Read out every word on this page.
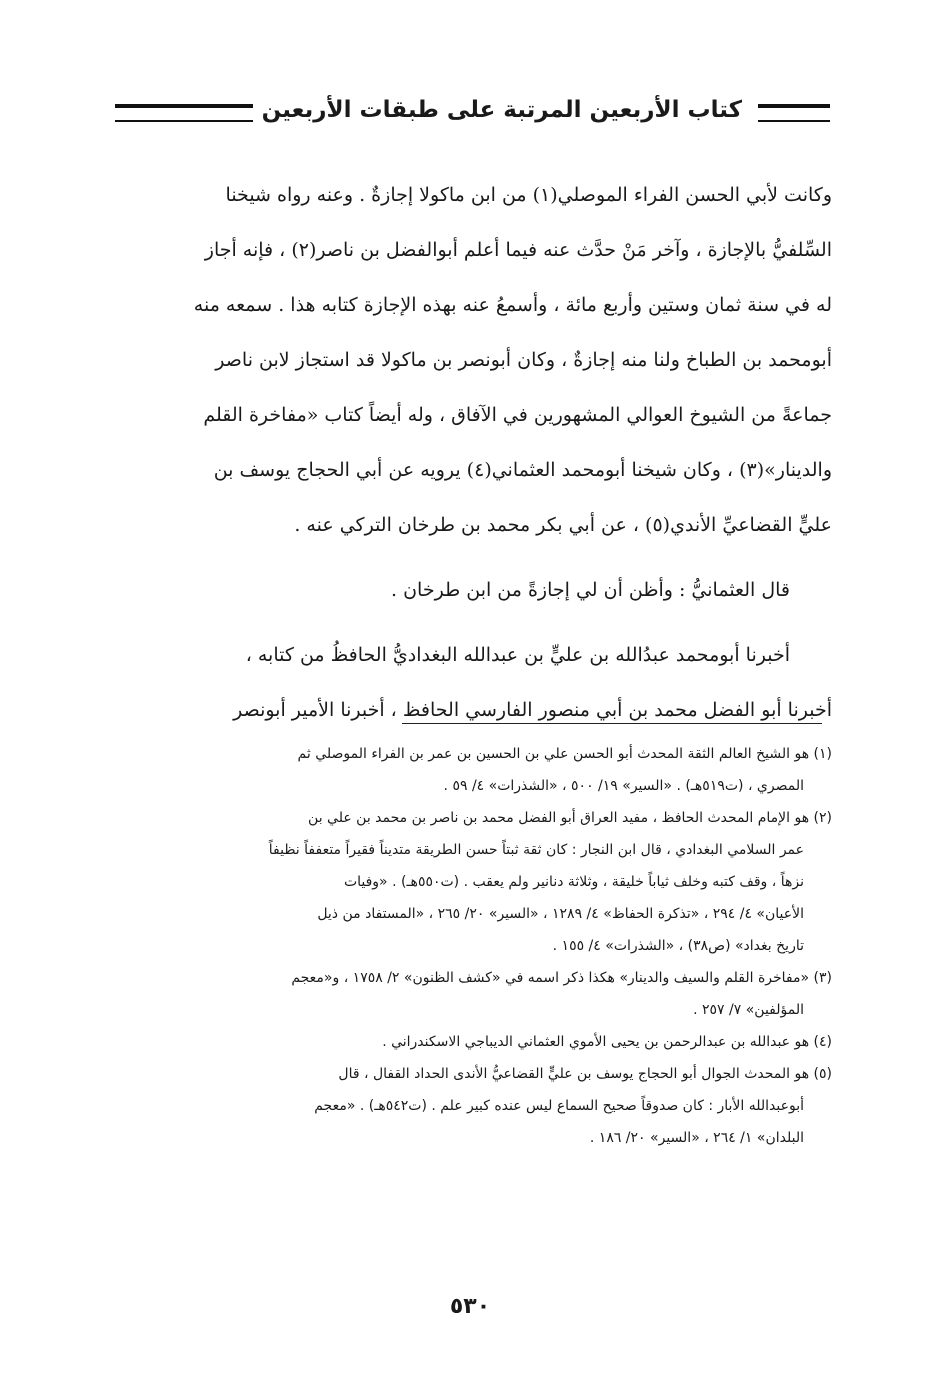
كتاب الأربعين المرتبة على طبقات الأربعين
وكانت لأبي الحسن الفراء الموصلي(١) من ابن ماكولا إجازةٌ . وعنه رواه شيخنا
السِّلفيُّ بالإجازة ، وآخر مَنْ حدَّث عنه فيما أعلم أبوالفضل بن ناصر(٢) ، فإنه أجاز
له في سنة ثمان وستين وأربع مائة ، وأسمعُ عنه بهذه الإجازة كتابه هذا . سمعه منه
أبومحمد بن الطباخ ولنا منه إجازةٌ ، وكان أبونصر بن ماكولا قد استجاز لابن ناصر
جماعةً من الشيوخ العوالي المشهورين في الآفاق ، وله أيضاً كتاب «مفاخرة القلم
والدينار»(٣) ، وكان شيخنا أبومحمد العثماني(٤) يرويه عن أبي الحجاج يوسف بن
عليٍّ القضاعيِّ الأندي(٥) ، عن أبي بكر محمد بن طرخان التركي عنه .
قال العثمانيُّ : وأظن أن لي إجازةً من ابن طرخان .
أخبرنا أبومحمد عبدُالله بن عليٍّ بن عبدالله البغداديُّ الحافظُ من كتابه ،
أخبرنا أبو الفضل محمد بن أبي منصور الفارسي الحافظ ، أخبرنا الأمير أبونصر
(١) هو الشيخ العالم الثقة المحدث أبو الحسن علي بن الحسين بن عمر بن الفراء الموصلي ثم
المصري ، (ت٥١٩هـ) . «السير» ١٩/ ٥٠٠ ، «الشذرات» ٤/ ٥٩ .
(٢) هو الإمام المحدث الحافظ ، مفيد العراق أبو الفضل محمد بن ناصر بن محمد بن علي بن
عمر السلامي البغدادي ، قال ابن النجار : كان ثقة ثبتاً حسن الطريقة متديناً فقيراً متعففاً نظيفاً
نزهاً ، وقف كتبه وخلف ثياباً خليقة ، وثلاثة دنانير ولم يعقب . (ت٥٥٠هـ) . «وفيات
الأعيان» ٤/ ٢٩٤ ، «تذكرة الحفاظ» ٤/ ١٢٨٩ ، «السير» ٢٠/ ٢٦٥ ، «المستفاد من ذيل
تاريخ بغداد» (ص٣٨) ، «الشذرات» ٤/ ١٥٥ .
(٣) «مفاخرة القلم والسيف والدينار» هكذا ذكر اسمه في «كشف الظنون» ٢/ ١٧٥٨ ، و«معجم
المؤلفين» ٧/ ٢٥٧ .
(٤) هو عبدالله بن عبدالرحمن بن يحيى الأموي العثماني الديباجي الاسكندراني .
(٥) هو المحدث الجوال أبو الحجاج يوسف بن عليٍّ القضاعيُّ الأندى الحداد القفال ، قال
أبوعبدالله الأبار : كان صدوقاً صحيح السماع ليس عنده كبير علم . (ت٥٤٢هـ) . «معجم
البلدان» ١/ ٢٦٤ ، «السير» ٢٠/ ١٨٦ .
٥٣٠
